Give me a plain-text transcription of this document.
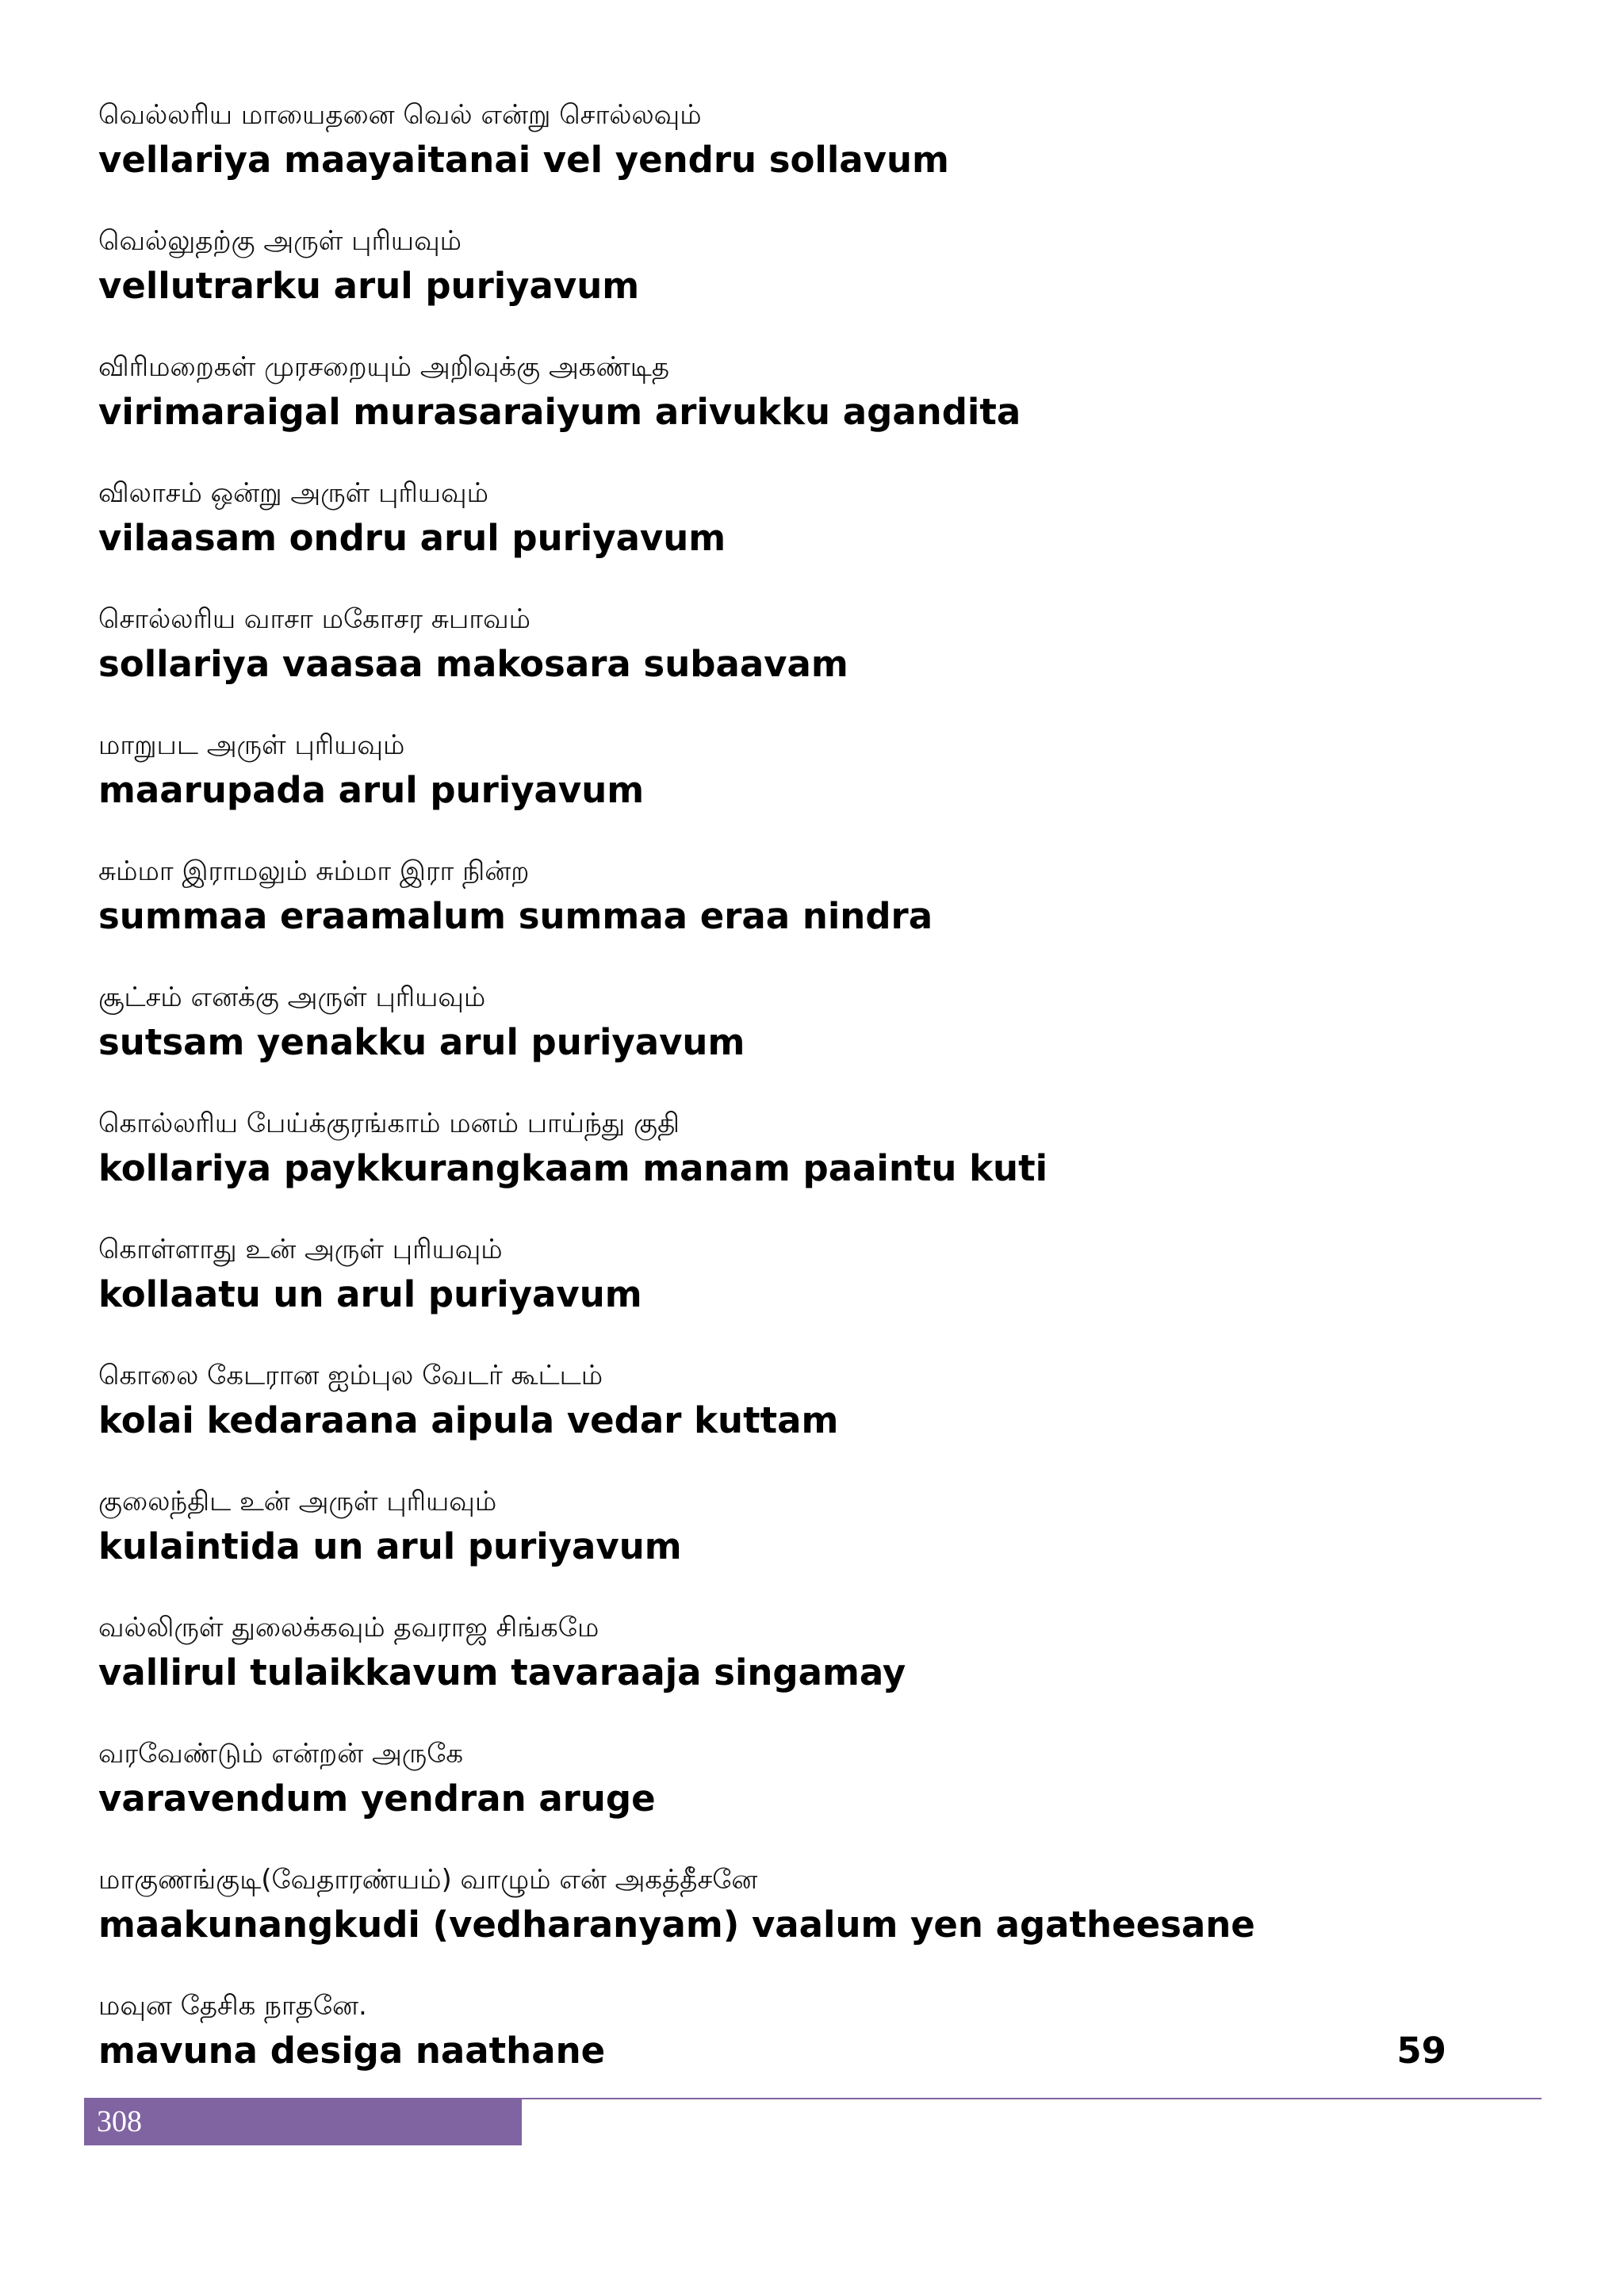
வெல்லரிய மாயைதனை வெல் என்று சொல்லவும்
vellariya maayaitanai vel yendru sollavum
வெல்லுதற்கு அருள் புரியவும்
vellutrarku arul puriyavum
விரிமறைகள் முரசறையும் அறிவுக்கு அகண்டித
virimaraigal murasaraiyum arivukku agandita
விலாசம் ஒன்று அருள் புரியவும்
vilaasam ondru arul puriyavum
சொல்லரிய வாசா மகோசர சுபாவம்
sollariya vaasaa makosara subaavam
மாறுபட அருள் புரியவும்
maarupada arul puriyavum
சும்மா இராமலும் சும்மா இரா நின்ற
summaa eraamalum summaa eraa nindra
சூட்சம் எனக்கு அருள் புரியவும்
sutsam yenakku arul puriyavum
கொல்லரிய பேய்க்குரங்காம் மனம் பாய்ந்து குதி
kollariya paykkurangkaam manam paaintu kuti
கொள்ளாது உன் அருள் புரியவும்
kollaatu un arul puriyavum
கொலை கேடரான ஐம்புல வேடர் கூட்டம்
kolai kedaraana aipula vedar kuttam
குலைந்திட உன் அருள் புரியவும்
kulaintida un arul puriyavum
வல்லிருள் துலைக்கவும் தவராஜ சிங்கமே
vallirul tulaikkavum tavaraaja singamay
வரவேண்டும் என்றன் அருகே
varavendum yendran aruge
மாகுணங்குடி(வேதாரண்யம்) வாழும் என் அகத்தீசனே
maakunangkudi (vedharanyam) vaalum yen agatheesane
மவுன தேசிக நாதனே.
mavuna desiga naathane	59
308
